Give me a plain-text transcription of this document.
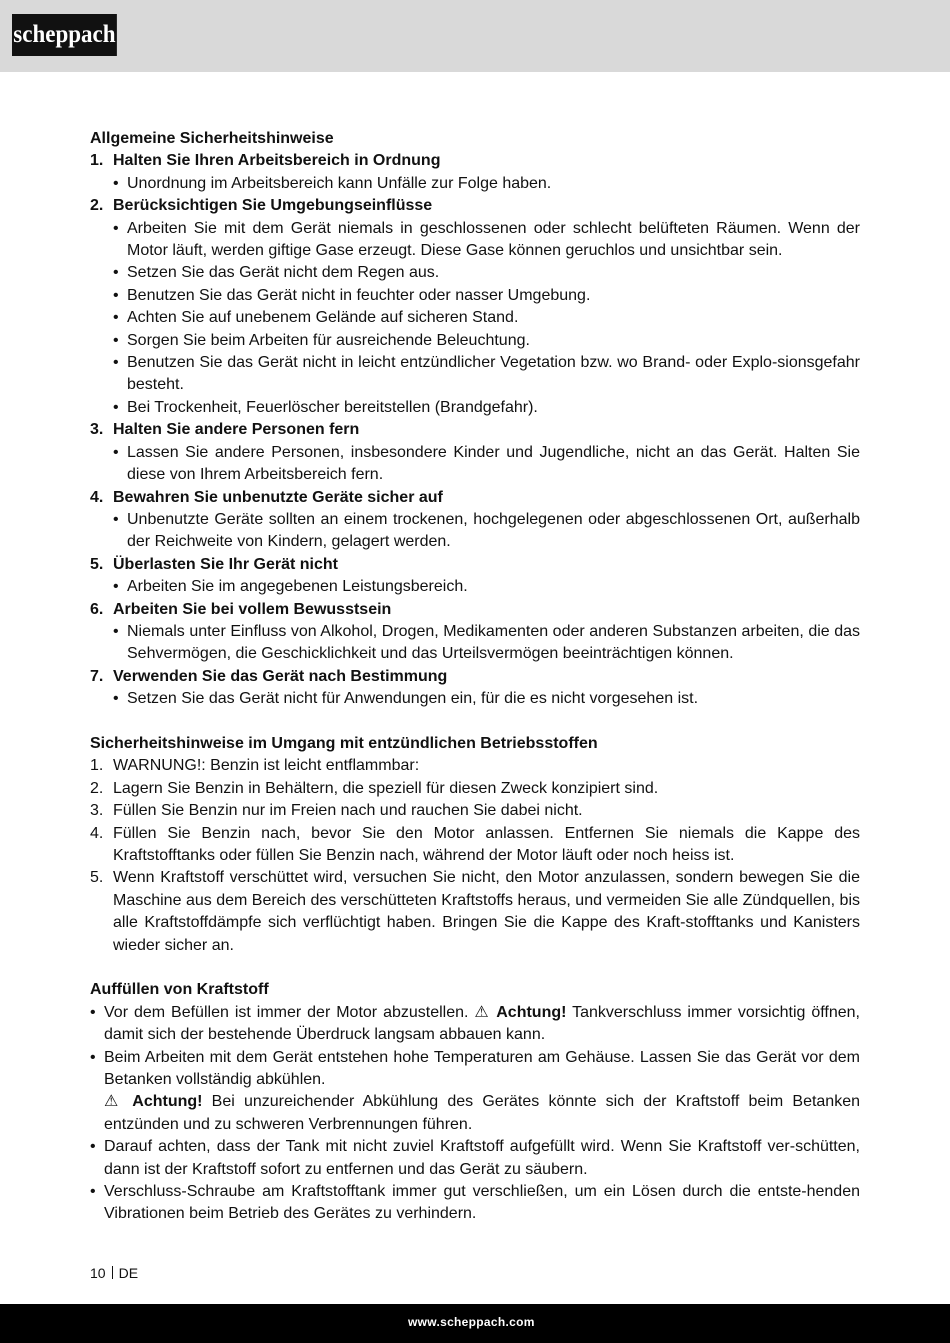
scheppach
Allgemeine Sicherheitshinweise
1. Halten Sie Ihren Arbeitsbereich in Ordnung
• Unordnung im Arbeitsbereich kann Unfälle zur Folge haben.
2. Berücksichtigen Sie Umgebungseinflüsse
• Arbeiten Sie mit dem Gerät niemals in geschlossenen oder schlecht belüfteten Räumen. Wenn der Motor läuft, werden giftige Gase erzeugt. Diese Gase können geruchlos und unsichtbar sein.
• Setzen Sie das Gerät nicht dem Regen aus.
• Benutzen Sie das Gerät nicht in feuchter oder nasser Umgebung.
• Achten Sie auf unebenem Gelände auf sicheren Stand.
• Sorgen Sie beim Arbeiten für ausreichende Beleuchtung.
• Benutzen Sie das Gerät nicht in leicht entzündlicher Vegetation bzw. wo Brand- oder Explo-sionsgefahr besteht.
• Bei Trockenheit, Feuerlöscher bereitstellen (Brandgefahr).
3. Halten Sie andere Personen fern
• Lassen Sie andere Personen, insbesondere Kinder und Jugendliche, nicht an das Gerät. Halten Sie diese von Ihrem Arbeitsbereich fern.
4. Bewahren Sie unbenutzte Geräte sicher auf
• Unbenutzte Geräte sollten an einem trockenen, hochgelegenen oder abgeschlossenen Ort, außerhalb der Reichweite von Kindern, gelagert werden.
5. Überlasten Sie Ihr Gerät nicht
• Arbeiten Sie im angegebenen Leistungsbereich.
6. Arbeiten Sie bei vollem Bewusstsein
• Niemals unter Einfluss von Alkohol, Drogen, Medikamenten oder anderen Substanzen arbeiten, die das Sehvermögen, die Geschicklichkeit und das Urteilsvermögen beeinträchtigen können.
7. Verwenden Sie das Gerät nach Bestimmung
• Setzen Sie das Gerät nicht für Anwendungen ein, für die es nicht vorgesehen ist.
Sicherheitshinweise im Umgang mit entzündlichen Betriebsstoffen
1. WARNUNG!: Benzin ist leicht entflammbar:
2. Lagern Sie Benzin in Behältern, die speziell für diesen Zweck konzipiert sind.
3. Füllen Sie Benzin nur im Freien nach und rauchen Sie dabei nicht.
4. Füllen Sie Benzin nach, bevor Sie den Motor anlassen. Entfernen Sie niemals die Kappe des Kraftstofftanks oder füllen Sie Benzin nach, während der Motor läuft oder noch heiss ist.
5. Wenn Kraftstoff verschüttet wird, versuchen Sie nicht, den Motor anzulassen, sondern bewegen Sie die Maschine aus dem Bereich des verschütteten Kraftstoffs heraus, und vermeiden Sie alle Zündquellen, bis alle Kraftstoffdämpfe sich verflüchtigt haben. Bringen Sie die Kappe des Kraft-stofftanks und Kanisters wieder sicher an.
Auffüllen von Kraftstoff
• Vor dem Befüllen ist immer der Motor abzustellen. ⚠ Achtung! Tankverschluss immer vorsichtig öffnen, damit sich der bestehende Überdruck langsam abbauen kann.
• Beim Arbeiten mit dem Gerät entstehen hohe Temperaturen am Gehäuse. Lassen Sie das Gerät vor dem Betanken vollständig abkühlen.
⚠ Achtung! Bei unzureichender Abkühlung des Gerätes könnte sich der Kraftstoff beim Betanken entzünden und zu schweren Verbrennungen führen.
• Darauf achten, dass der Tank mit nicht zuviel Kraftstoff aufgefüllt wird. Wenn Sie Kraftstoff ver-schütten, dann ist der Kraftstoff sofort zu entfernen und das Gerät zu säubern.
• Verschluss-Schraube am Kraftstofftank immer gut verschließen, um ein Lösen durch die entste-henden Vibrationen beim Betrieb des Gerätes zu verhindern.
10 DE
www.scheppach.com
